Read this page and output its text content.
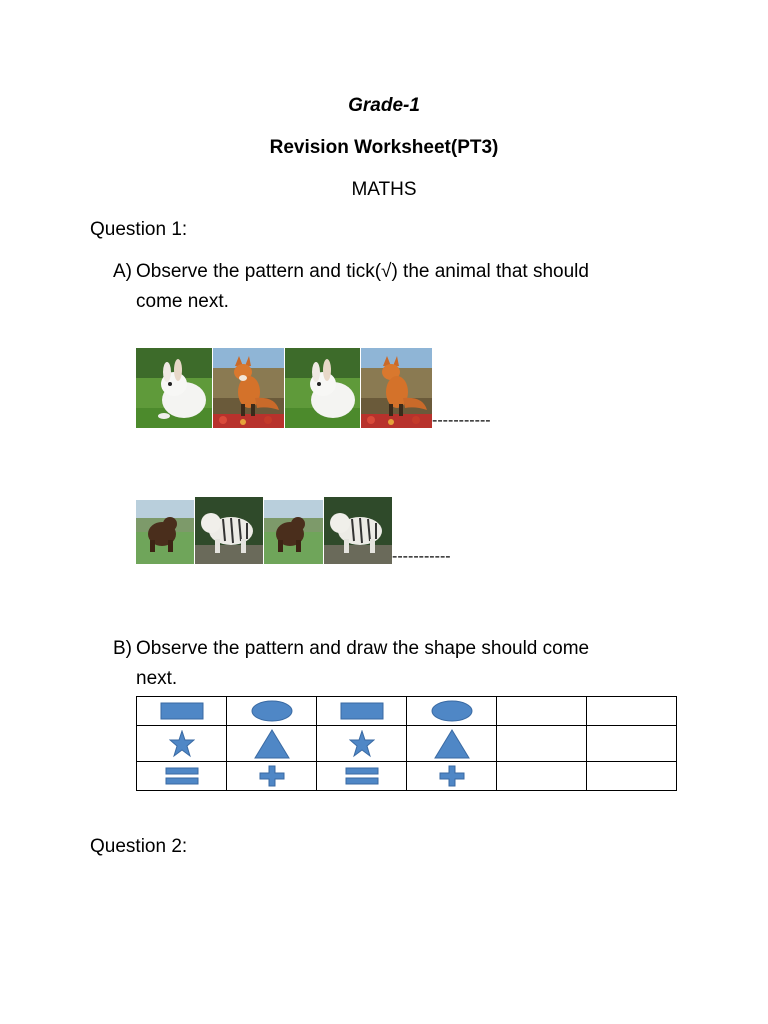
Grade-1
Revision Worksheet(PT3)
MATHS
Question 1:
A) Observe the pattern and tick(√) the animal that should
come next.
-----------
-----------
B) Observe the pattern and draw the shape should come
next.

Question 2:
